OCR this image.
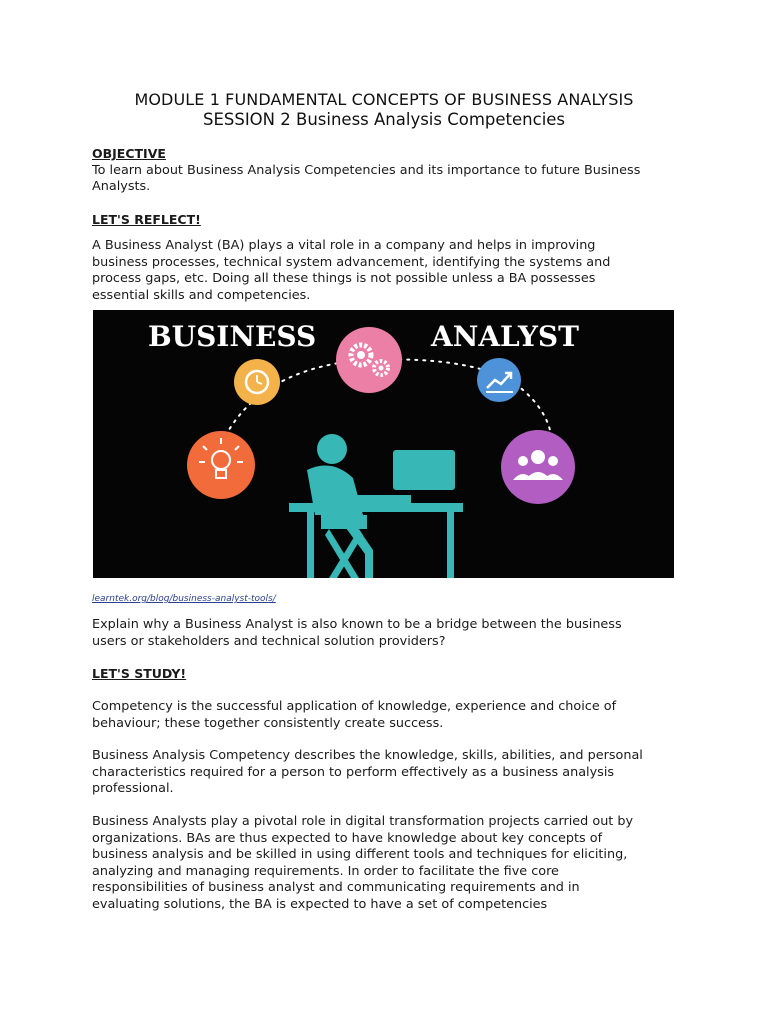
MODULE 1 FUNDAMENTAL CONCEPTS OF BUSINESS ANALYSIS
SESSION 2 Business Analysis Competencies
OBJECTIVE
To learn about Business Analysis Competencies and its importance to future Business
Analysts.
LET'S REFLECT!
A Business Analyst (BA) plays a vital role in a company and helps in improving
business processes, technical system advancement, identifying the systems and
process gaps, etc. Doing all these things is not possible unless a BA possesses
essential skills and competencies.
BUSINESS	ANALYST
learntek.org/blog/business-analyst-tools/
Explain why a Business Analyst is also known to be a bridge between the business
users or stakeholders and technical solution providers?
LET'S STUDY!
Competency is the successful application of knowledge, experience and choice of
behaviour; these together consistently create success.
Business Analysis Competency describes the knowledge, skills, abilities, and personal
characteristics required for a person to perform effectively as a business analysis
professional.
Business Analysts play a pivotal role in digital transformation projects carried out by
organizations. BAs are thus expected to have knowledge about key concepts of
business analysis and be skilled in using different tools and techniques for eliciting,
analyzing and managing requirements. In order to facilitate the five core
responsibilities of business analyst and communicating requirements and in
evaluating solutions, the BA is expected to have a set of competencies
